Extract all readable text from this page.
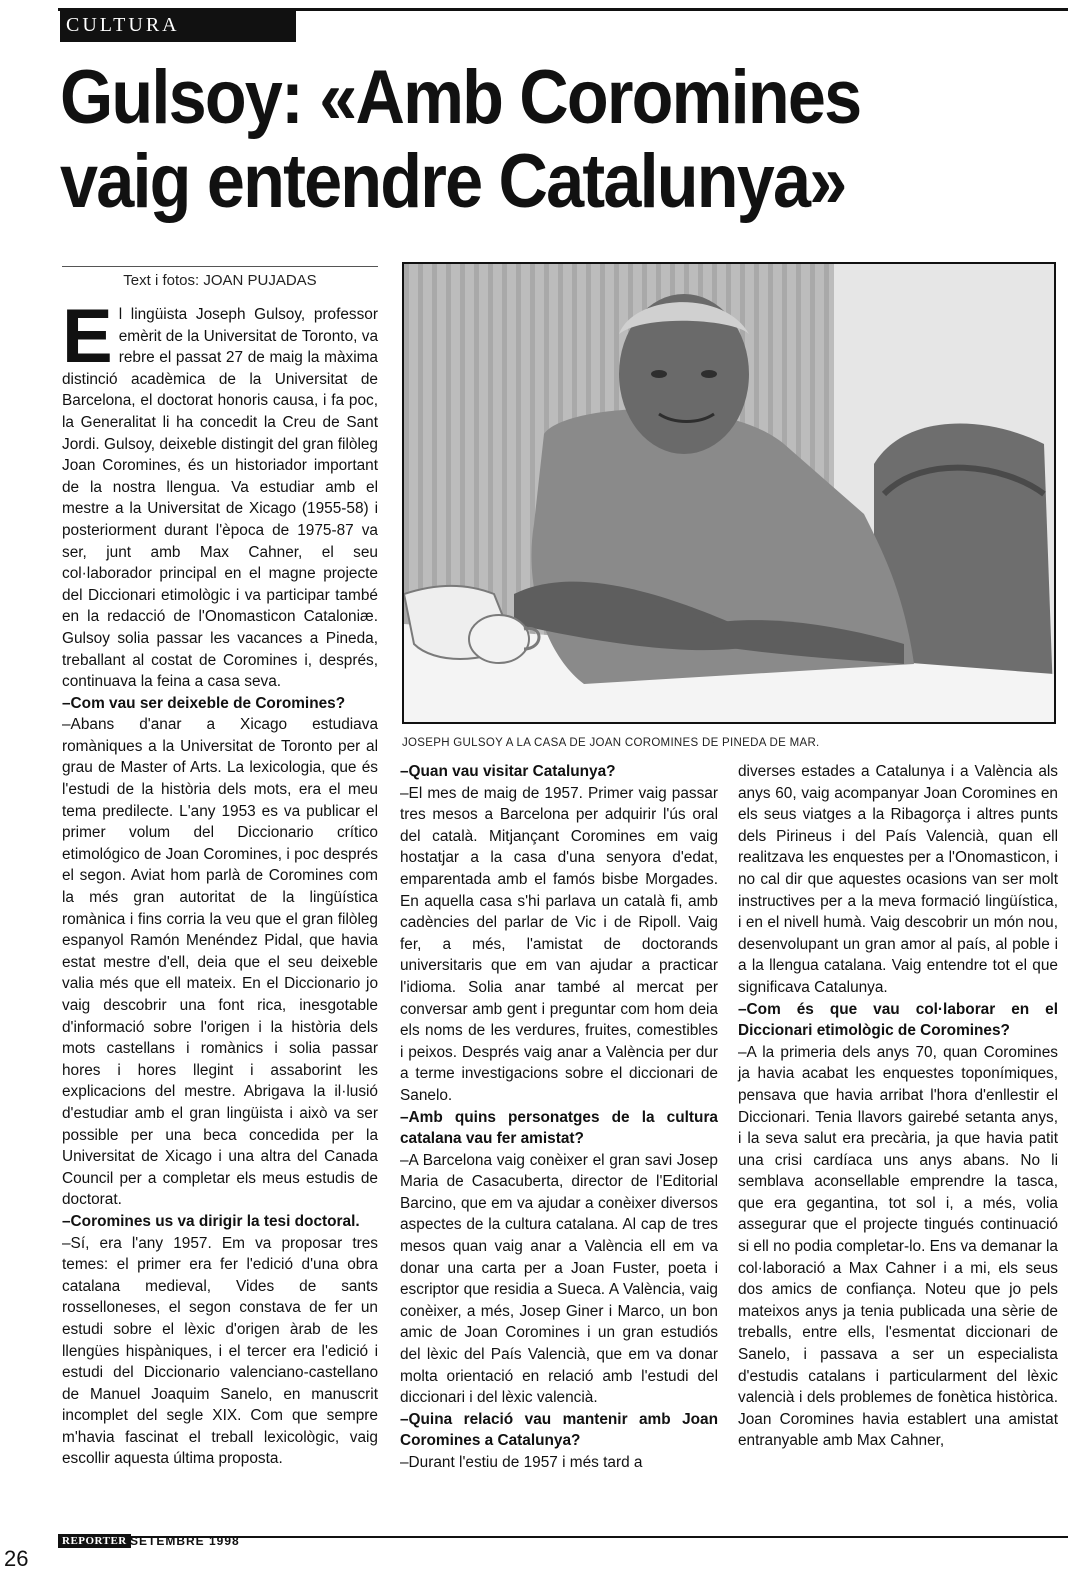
CULTURA
Gulsoy: «Amb Coromines
vaig entendre Catalunya»
Text i fotos: JOAN PUJADAS

El lingüista Joseph Gulsoy, professor emèrit de la Universitat de Toronto, va rebre el passat 27 de maig la màxima distinció acadèmica de la Universitat de Barcelona, el doctorat honoris causa, i fa poc, la Generalitat li ha concedit la Creu de Sant Jordi. Gulsoy, deixeble distingit del gran filòleg Joan Coromines, és un historiador important de la nostra llengua. Va estudiar amb el mestre a la Universitat de Xicago (1955-58) i posteriorment durant l'època de 1975-87 va ser, junt amb Max Cahner, el seu col·laborador principal en el magne projecte del Diccionari etimològic i va participar també en la redacció de l'Onomasticon Cataloniæ. Gulsoy solia passar les vacances a Pineda, treballant al costat de Coromines i, després, continuava la feina a casa seva.

–Com vau ser deixeble de Coromines?

–Abans d'anar a Xicago estudiava romàniques a la Universitat de Toronto per al grau de Master of Arts. La lexicologia, que és l'estudi de la història dels mots, era el meu tema predilecte. L'any 1953 es va publicar el primer volum del Diccionario crítico etimológico de Joan Coromines, i poc després el segon. Aviat hom parlà de Coromines com la més gran autoritat de la lingüística romànica i fins corria la veu que el gran filòleg espanyol Ramón Menéndez Pidal, que havia estat mestre d'ell, deia que el seu deixeble valia més que ell mateix. En el Diccionario jo vaig descobrir una font rica, inesgotable d'informació sobre l'origen i la història dels mots castellans i romànics i solia passar hores i hores llegint i assaborint les explicacions del mestre. Abrigava la il·lusió d'estudiar amb el gran lingüista i això va ser possible per una beca concedida per la Universitat de Xicago i una altra del Canada Council per a completar els meus estudis de doctorat.

–Coromines us va dirigir la tesi doctoral.

–Sí, era l'any 1957. Em va proposar tres temes: el primer era fer l'edició d'una obra catalana medieval, Vides de sants rosselloneses, el segon constava de fer un estudi sobre el lèxic d'origen àrab de les llengües hispàniques, i el tercer era l'edició i estudi del Diccionario valenciano-castellano de Manuel Joaquim Sanelo, en manuscrit incomplet del segle XIX. Com que sempre m'havia fascinat el treball lexicològic, vaig escollir aquesta última proposta.

JOSEPH GULSOY A LA CASA DE JOAN COROMINES DE PINEDA DE MAR.

–Quan vau visitar Catalunya?

–El mes de maig de 1957. Primer vaig passar tres mesos a Barcelona per adquirir l'ús oral del català. Mitjançant Coromines em vaig hostatjar a la casa d'una senyora d'edat, emparentada amb el famós bisbe Morgades. En aquella casa s'hi parlava un català fi, amb cadències del parlar de Vic i de Ripoll. Vaig fer, a més, l'amistat de doctorands universitaris que em van ajudar a practicar l'idioma. Solia anar també al mercat per conversar amb gent i preguntar com hom deia els noms de les verdures, fruites, comestibles i peixos. Després vaig anar a València per dur a terme investigacions sobre el diccionari de Sanelo.

–Amb quins personatges de la cultura catalana vau fer amistat?

–A Barcelona vaig conèixer el gran savi Josep Maria de Casacuberta, director de l'Editorial Barcino, que em va ajudar a conèixer diversos aspectes de la cultura catalana. Al cap de tres mesos quan vaig anar a València ell em va donar una carta per a Joan Fuster, poeta i escriptor que residia a Sueca. A València, vaig conèixer, a més, Josep Giner i Marco, un bon amic de Joan Coromines i un gran estudiós del lèxic del País Valencià, que em va donar molta orientació en relació amb l'estudi del diccionari i del lèxic valencià.

–Quina relació vau mantenir amb Joan Coromines a Catalunya?

–Durant l'estiu de 1957 i més tard a

diverses estades a Catalunya i a València als anys 60, vaig acompanyar Joan Coromines en els seus viatges a la Ribagorça i altres punts dels Pirineus i del País Valencià, quan ell realitzava les enquestes per a l'Onomasticon, i no cal dir que aquestes ocasions van ser molt instructives per a la meva formació lingüística, i en el nivell humà. Vaig descobrir un món nou, desenvolupant un gran amor al país, al poble i a la llengua catalana. Vaig entendre tot el que significava Catalunya.

–Com és que vau col·laborar en el Diccionari etimològic de Coromines?

–A la primeria dels anys 70, quan Coromines ja havia acabat les enquestes toponímiques, pensava que havia arribat l'hora d'enllestir el Diccionari. Tenia llavors gairebé setanta anys, i la seva salut era precària, ja que havia patit una crisi cardíaca uns anys abans. No li semblava aconsellable emprendre la tasca, que era gegantina, tot sol i, a més, volia assegurar que el projecte tingués continuació si ell no podia completar-lo. Ens va demanar la col·laboració a Max Cahner i a mi, els seus dos amics de confiança. Noteu que jo pels mateixos anys ja tenia publicada una sèrie de treballs, entre ells, l'esmentat diccionari de Sanelo, i passava a ser un especialista d'estudis catalans i particularment del lèxic valencià i dels problemes de fonètica històrica. Joan Coromines havia establert una amistat entranyable amb Max Cahner,

REPORTER SETEMBRE 1998
26
